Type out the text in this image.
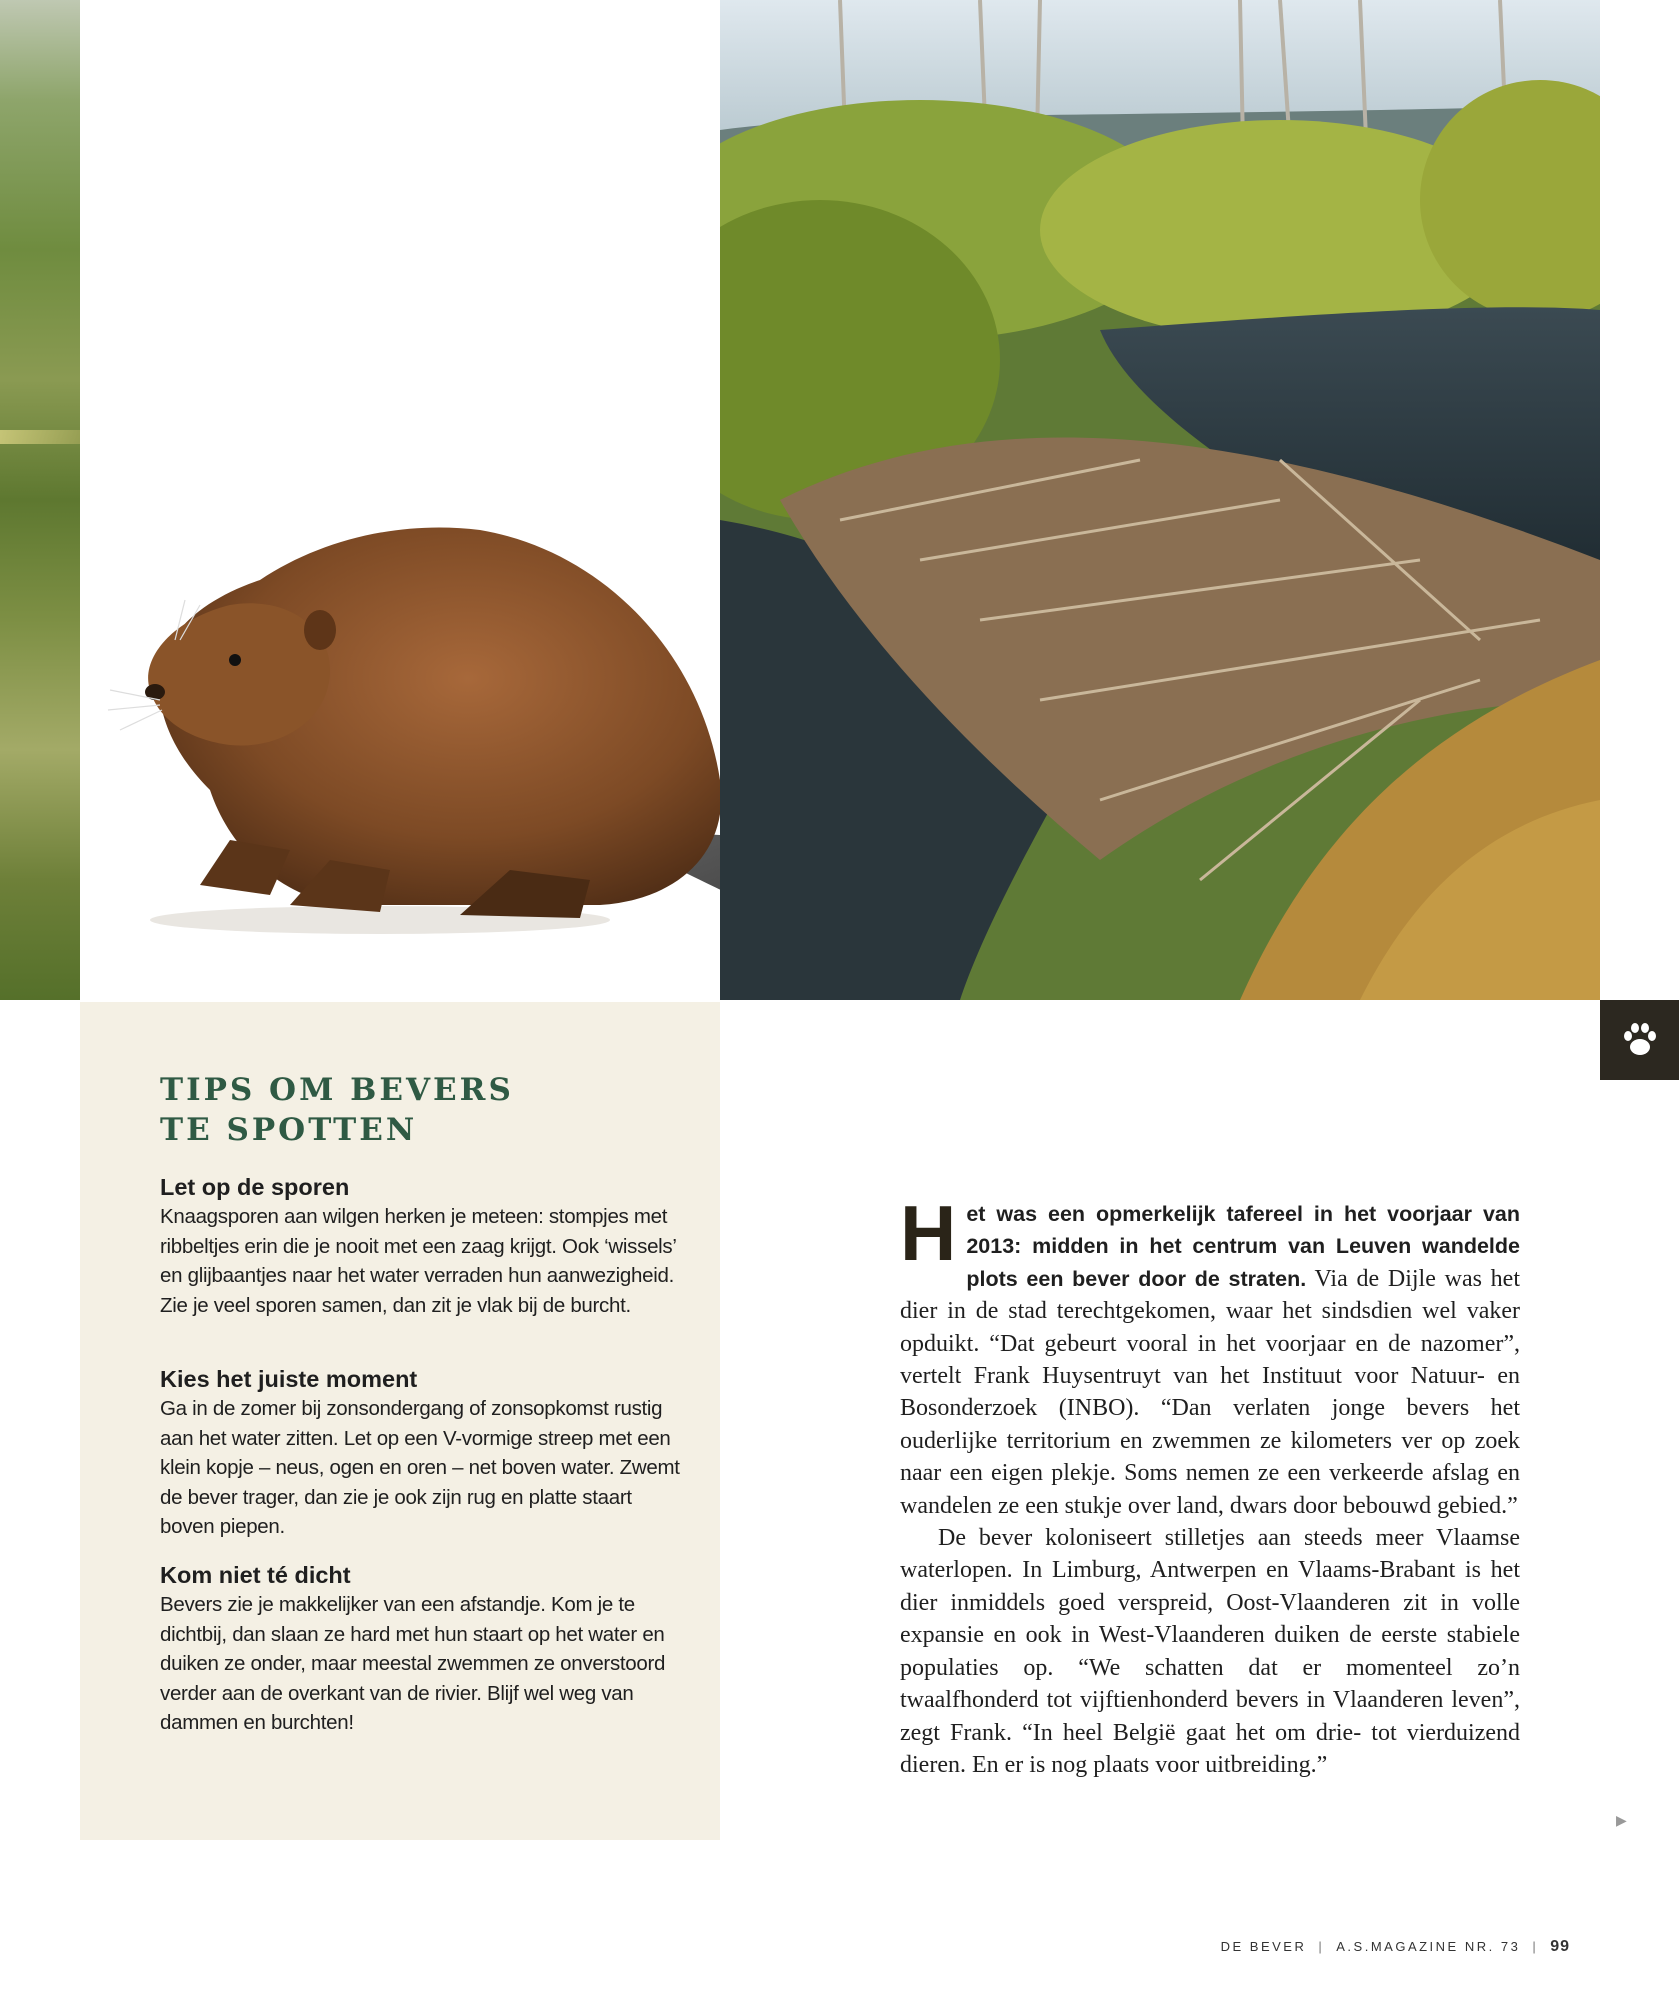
TIPS OM BEVERS
TE SPOTTEN
Let op de sporen
Knaagsporen aan wilgen herken je meteen: stompjes met ribbeltjes erin die je nooit met een zaag krijgt. Ook ‘wissels’ en glijbaantjes naar het water verraden hun aanwezigheid. Zie je veel sporen samen, dan zit je vlak bij de burcht.
Kies het juiste moment
Ga in de zomer bij zonsondergang of zonsopkomst rustig aan het water zitten. Let op een V-vormige streep met een klein kopje – neus, ogen en oren – net boven water. Zwemt de bever trager, dan zie je ook zijn rug en platte staart boven piepen.
Kom niet té dicht
Bevers zie je makkelijker van een afstandje. Kom je te dichtbij, dan slaan ze hard met hun staart op het water en duiken ze onder, maar meestal zwemmen ze onverstoord verder aan de overkant van de rivier. Blijf wel weg van dammen en burchten!
H et was een opmerkelijk tafereel in het voorjaar van 2013: midden in het centrum van Leuven wandelde plots een bever door de straten. Via de Dijle was het dier in de stad terechtgekomen, waar het sindsdien wel vaker opduikt. “Dat gebeurt vooral in het voorjaar en de nazomer”, vertelt Frank Huysentruyt van het Instituut voor Natuur- en Bosonderzoek (INBO). “Dan verlaten jonge bevers het ouderlijke territorium en zwemmen ze kilometers ver op zoek naar een eigen plekje. Soms nemen ze een verkeerde afslag en wandelen ze een stukje over land, dwars door bebouwd gebied.”
De bever koloniseert stilletjes aan steeds meer Vlaamse waterlopen. In Limburg, Antwerpen en Vlaams-Brabant is het dier inmiddels goed verspreid, Oost-Vlaanderen zit in volle expansie en ook in West-Vlaanderen duiken de eerste stabiele populaties op. “We schatten dat er momenteel zo’n twaalfhonderd tot vijftienhonderd bevers in Vlaanderen leven”, zegt Frank. “In heel België gaat het om drie- tot vierduizend dieren. En er is nog plaats voor uitbreiding.”
▶
DE BEVER | A.S.MAGAZINE NR. 73 | 99
